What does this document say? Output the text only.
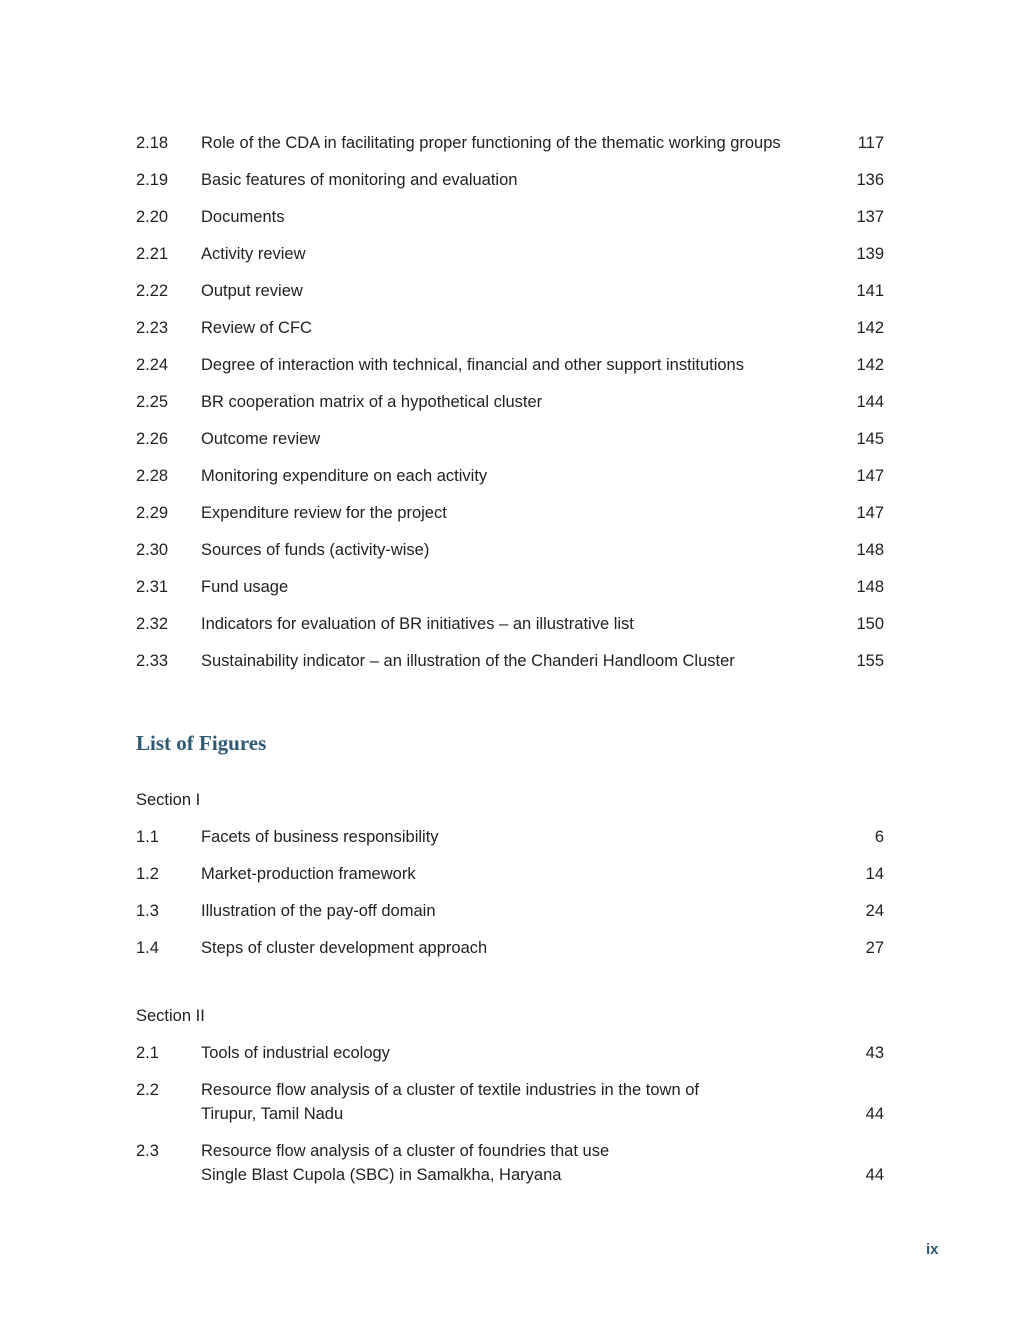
2.18	Role of the CDA in facilitating proper functioning of the thematic working groups	117
2.19	Basic features of monitoring and evaluation	136
2.20	Documents	137
2.21	Activity review	139
2.22	Output review	141
2.23	Review of CFC	142
2.24	Degree of interaction with technical, financial and other support institutions	142
2.25	BR cooperation matrix of a hypothetical cluster	144
2.26	Outcome review	145
2.28	Monitoring expenditure on each activity	147
2.29	Expenditure review for the project	147
2.30	Sources of funds (activity-wise)	148
2.31	Fund usage	148
2.32	Indicators for evaluation of BR initiatives – an illustrative list	150
2.33	Sustainability indicator – an illustration of the Chanderi Handloom Cluster	155
List of Figures
Section I
1.1	Facets of business responsibility	6
1.2	Market-production framework	14
1.3	Illustration of the pay-off domain	24
1.4	Steps of cluster development approach	27
Section II
2.1	Tools of industrial ecology	43
2.2	Resource flow analysis of a cluster of textile industries in the town of
Tirupur, Tamil Nadu	44
2.3	Resource flow analysis of a cluster of foundries that use
Single Blast Cupola (SBC) in Samalkha, Haryana	44
ix
